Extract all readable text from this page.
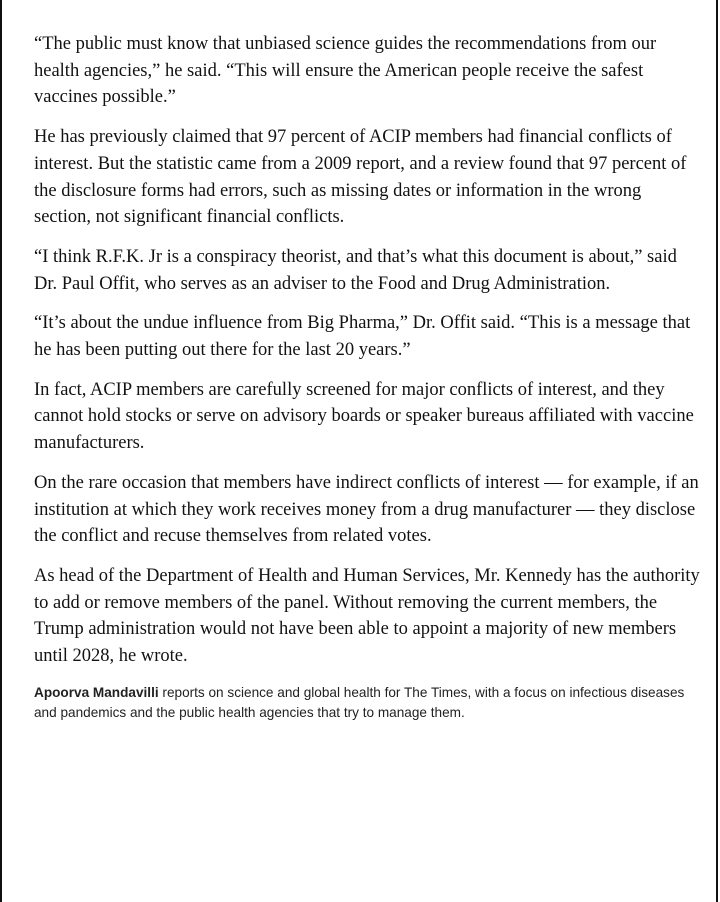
“The public must know that unbiased science guides the recommendations from our health agencies,” he said. “This will ensure the American people receive the safest vaccines possible.”

He has previously claimed that 97 percent of ACIP members had financial conflicts of interest. But the statistic came from a 2009 report, and a review found that 97 percent of the disclosure forms had errors, such as missing dates or information in the wrong section, not significant financial conflicts.

“I think R.F.K. Jr is a conspiracy theorist, and that’s what this document is about,” said Dr. Paul Offit, who serves as an adviser to the Food and Drug Administration.

“It’s about the undue influence from Big Pharma,” Dr. Offit said. “This is a message that he has been putting out there for the last 20 years.”

In fact, ACIP members are carefully screened for major conflicts of interest, and they cannot hold stocks or serve on advisory boards or speaker bureaus affiliated with vaccine manufacturers.

On the rare occasion that members have indirect conflicts of interest — for example, if an institution at which they work receives money from a drug manufacturer — they disclose the conflict and recuse themselves from related votes.

As head of the Department of Health and Human Services, Mr. Kennedy has the authority to add or remove members of the panel. Without removing the current members, the Trump administration would not have been able to appoint a majority of new members until 2028, he wrote.

Apoorva Mandavilli reports on science and global health for The Times, with a focus on infectious diseases and pandemics and the public health agencies that try to manage them.
